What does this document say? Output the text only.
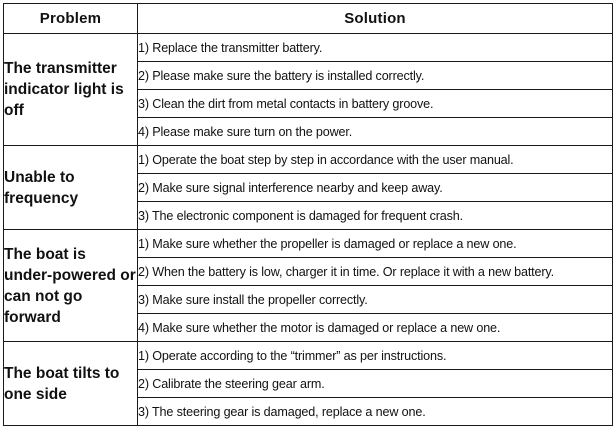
Problem	Solution
The transmitter indicator light is off	1) Replace the transmitter battery.
	2) Please make sure the battery is installed correctly.
	3) Clean the dirt from metal contacts in battery groove.
	4) Please make sure turn on the power.
Unable to frequency	1) Operate the boat step by step in accordance with the user manual.
	2) Make sure signal interference nearby and keep away.
	3) The electronic component is damaged for frequent crash.
The boat is under-powered or can not go forward	1) Make sure whether the propeller is damaged or replace a new one.
	2) When the battery is low, charger it in time. Or replace it with a new battery.
	3) Make sure install the propeller correctly.
	4) Make sure whether the motor is damaged or replace a new one.
The boat tilts to one side	1) Operate according to the “trimmer” as per instructions.
	2) Calibrate the steering gear arm.
	3) The steering gear is damaged, replace a new one.
